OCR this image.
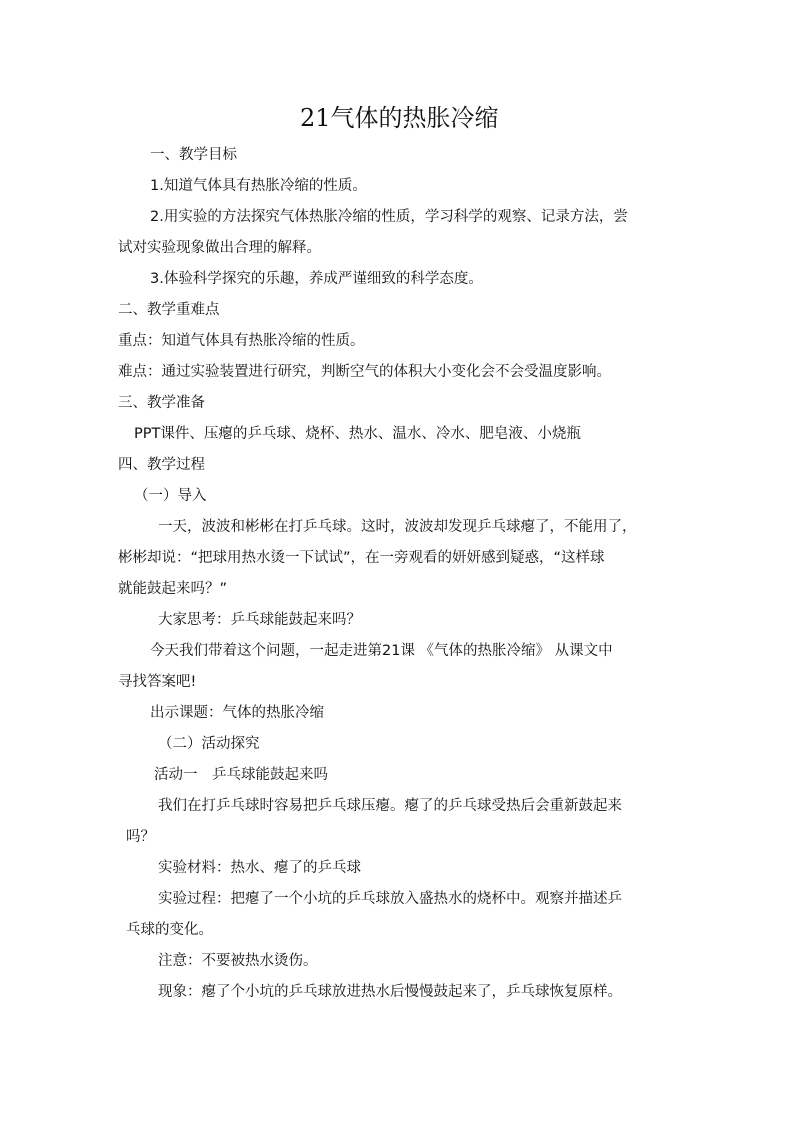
21气体的热胀冷缩
一、教学目标
1.知道气体具有热胀冷缩的性质。
2.用实验的方法探究气体热胀冷缩的性质，学习科学的观察、记录方法，尝
试对实验现象做出合理的解释。
3.体验科学探究的乐趣，养成严谨细致的科学态度。
二、教学重难点
重点：知道气体具有热胀冷缩的性质。
难点：通过实验装置进行研究，判断空气的体积大小变化会不会受温度影响。
三、教学准备
PPT课件、压瘪的乒乓球、烧杯、热水、温水、冷水、肥皂液、小烧瓶
四、教学过程
（一）导入
一天，波波和彬彬在打乒乓球。这时，波波却发现乒乓球瘪了，不能用了，
彬彬却说：“把球用热水烫一下试试”，在一旁观看的妍妍感到疑惑，“这样球
就能鼓起来吗？”
大家思考：乒乓球能鼓起来吗？
今天我们带着这个问题，一起走进第21课 《气体的热胀冷缩》 从课文中
寻找答案吧!
出示课题：气体的热胀冷缩
（二）活动探究
活动一　乒乓球能鼓起来吗
我们在打乒乓球时容易把乒乓球压瘪。瘪了的乒乓球受热后会重新鼓起来
吗？
实验材料：热水、瘪了的乒乓球
实验过程：把瘪了一个小坑的乒乓球放入盛热水的烧杯中。观察并描述乒
乓球的变化。
注意：不要被热水烫伤。
现象：瘪了个小坑的乒乓球放进热水后慢慢鼓起来了，乒乓球恢复原样。
